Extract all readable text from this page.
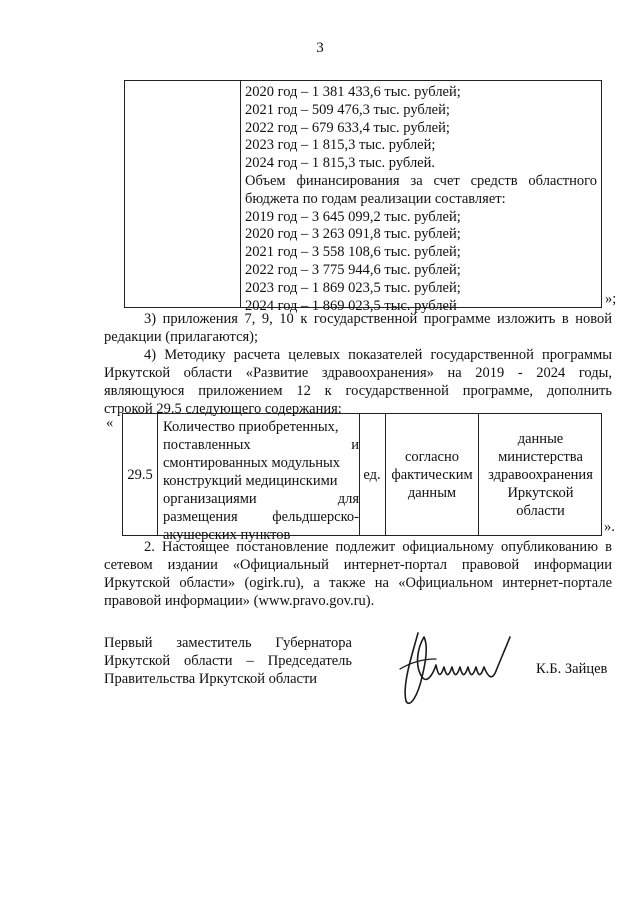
3
2020 год – 1 381 433,6 тыс. рублей;
2021 год – 509 476,3 тыс. рублей;
2022 год – 679 633,4 тыс. рублей;
2023 год – 1 815,3 тыс. рублей;
2024 год – 1 815,3 тыс. рублей.
Объем финансирования за счет средств областного
бюджета по годам реализации составляет:
2019 год – 3 645 099,2 тыс. рублей;
2020 год – 3 263 091,8 тыс. рублей;
2021 год – 3 558 108,6 тыс. рублей;
2022 год – 3 775 944,6 тыс. рублей;
2023 год – 1 869 023,5 тыс. рублей;
2024 год – 1 869 023,5 тыс. рублей	»;
3) приложения 7, 9, 10 к государственной программе изложить в новой
редакции (прилагаются);
4) Методику расчета целевых показателей государственной программы
Иркутской области «Развитие здравоохранения» на 2019 - 2024 годы,
являющуюся приложением 12 к государственной программе, дополнить
строкой 29.5 следующего содержания:
«
29.5
Количество приобретенных,
поставленных и
смонтированных модульных
конструкций медицинскими
организациями для
размещения фельдшерско-
акушерских пунктов
ед.
согласно фактическим данным
данные министерства здравоохранения Иркутской области
».
2. Настоящее постановление подлежит официальному опубликованию в
сетевом издании «Официальный интернет-портал правовой информации
Иркутской области» (ogirk.ru), а также на «Официальном интернет-портале
правовой информации» (www.pravo.gov.ru).
Первый заместитель Губернатора
Иркутской области – Председатель
Правительства Иркутской области
К.Б. Зайцев
